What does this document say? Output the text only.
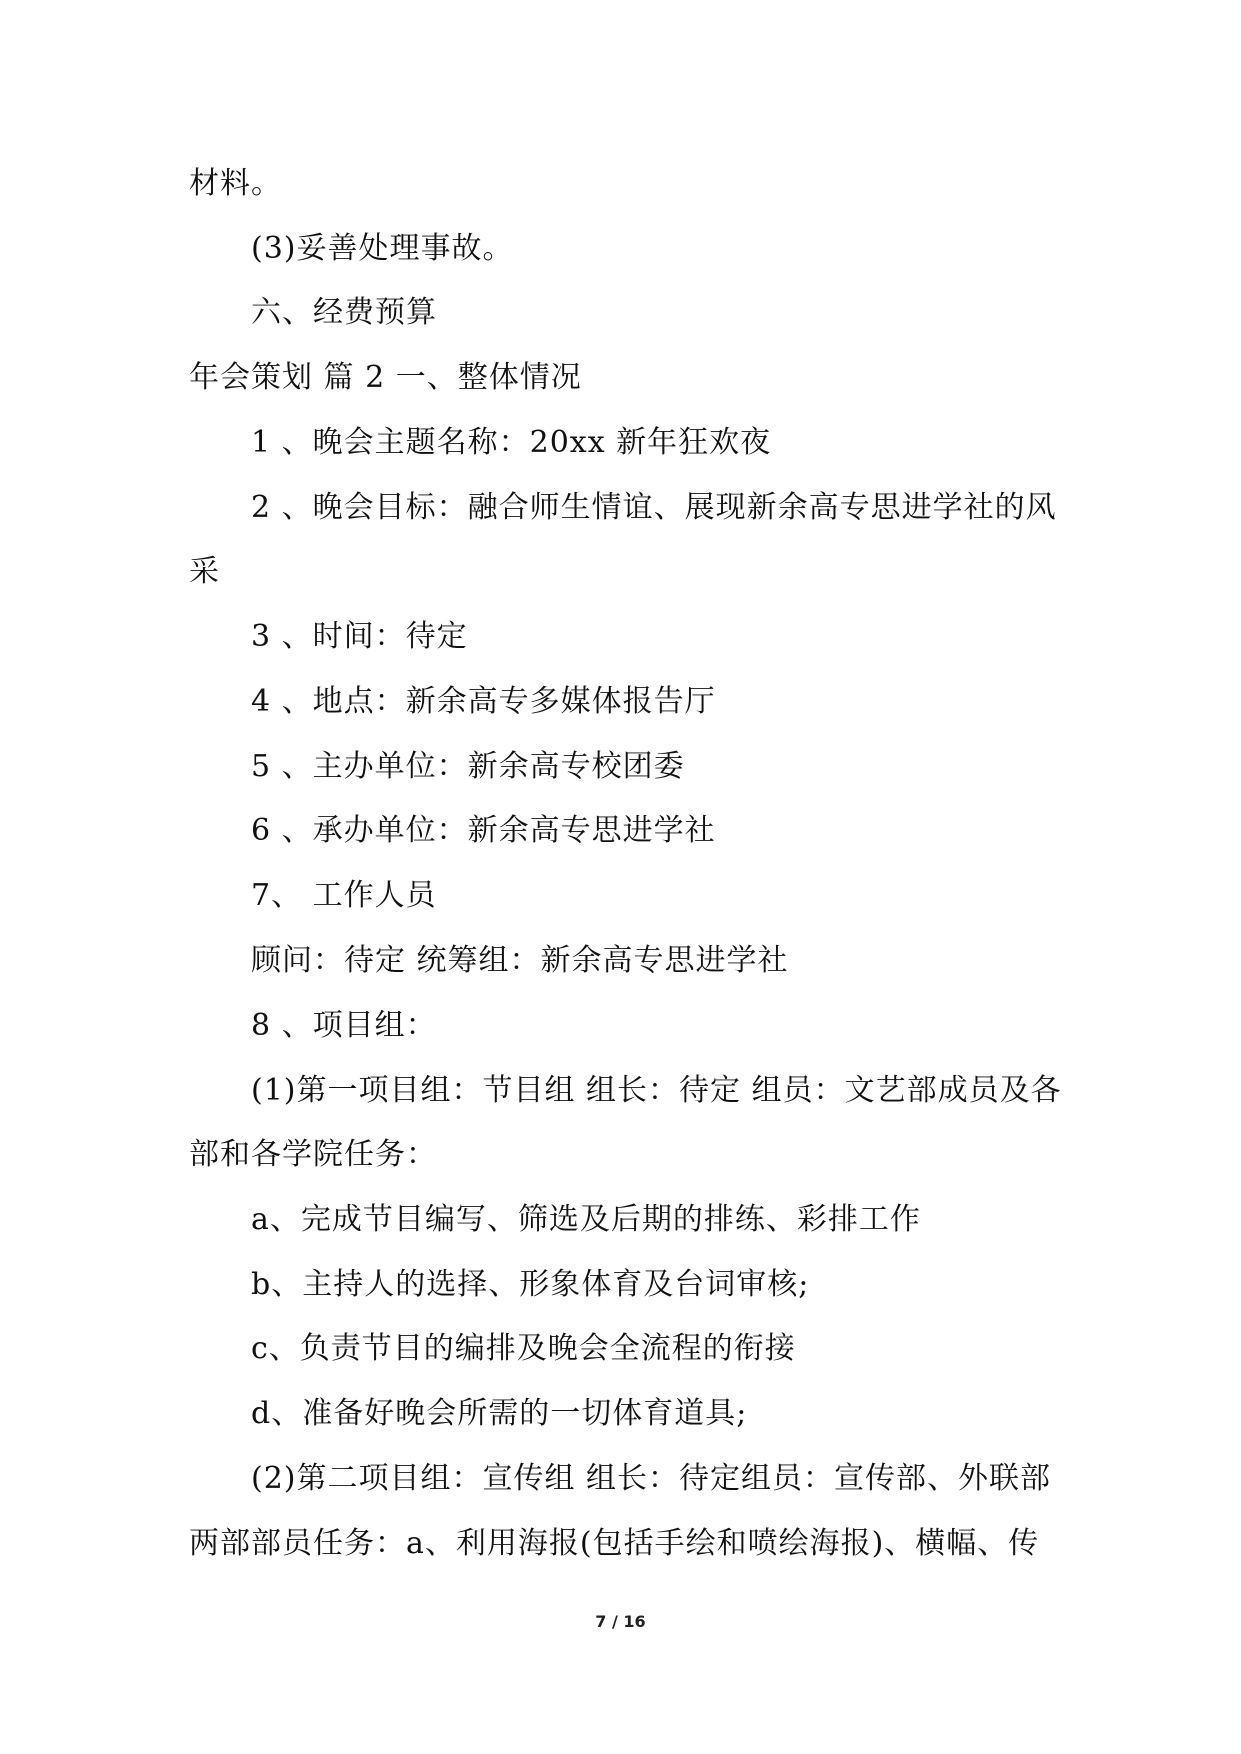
材料。
(3)妥善处理事故。
六、经费预算
年会策划 篇 2 一、整体情况
1 、晚会主题名称：20xx 新年狂欢夜
2 、晚会目标：融合师生情谊、展现新余高专思进学社的风
采
3 、时间：待定
4 、地点：新余高专多媒体报告厅
5 、主办单位：新余高专校团委
6 、承办单位：新余高专思进学社
7、 工作人员
顾问：待定 统筹组：新余高专思进学社
8 、项目组：
(1)第一项目组：节目组 组长：待定 组员：文艺部成员及各
部和各学院任务：
a、完成节目编写、筛选及后期的排练、彩排工作
b、主持人的选择、形象体育及台词审核;
c、负责节目的编排及晚会全流程的衔接
d、准备好晚会所需的一切体育道具;
(2)第二项目组：宣传组 组长：待定组员：宣传部、外联部
两部部员任务：a、利用海报(包括手绘和喷绘海报)、横幅、传
7 / 16
